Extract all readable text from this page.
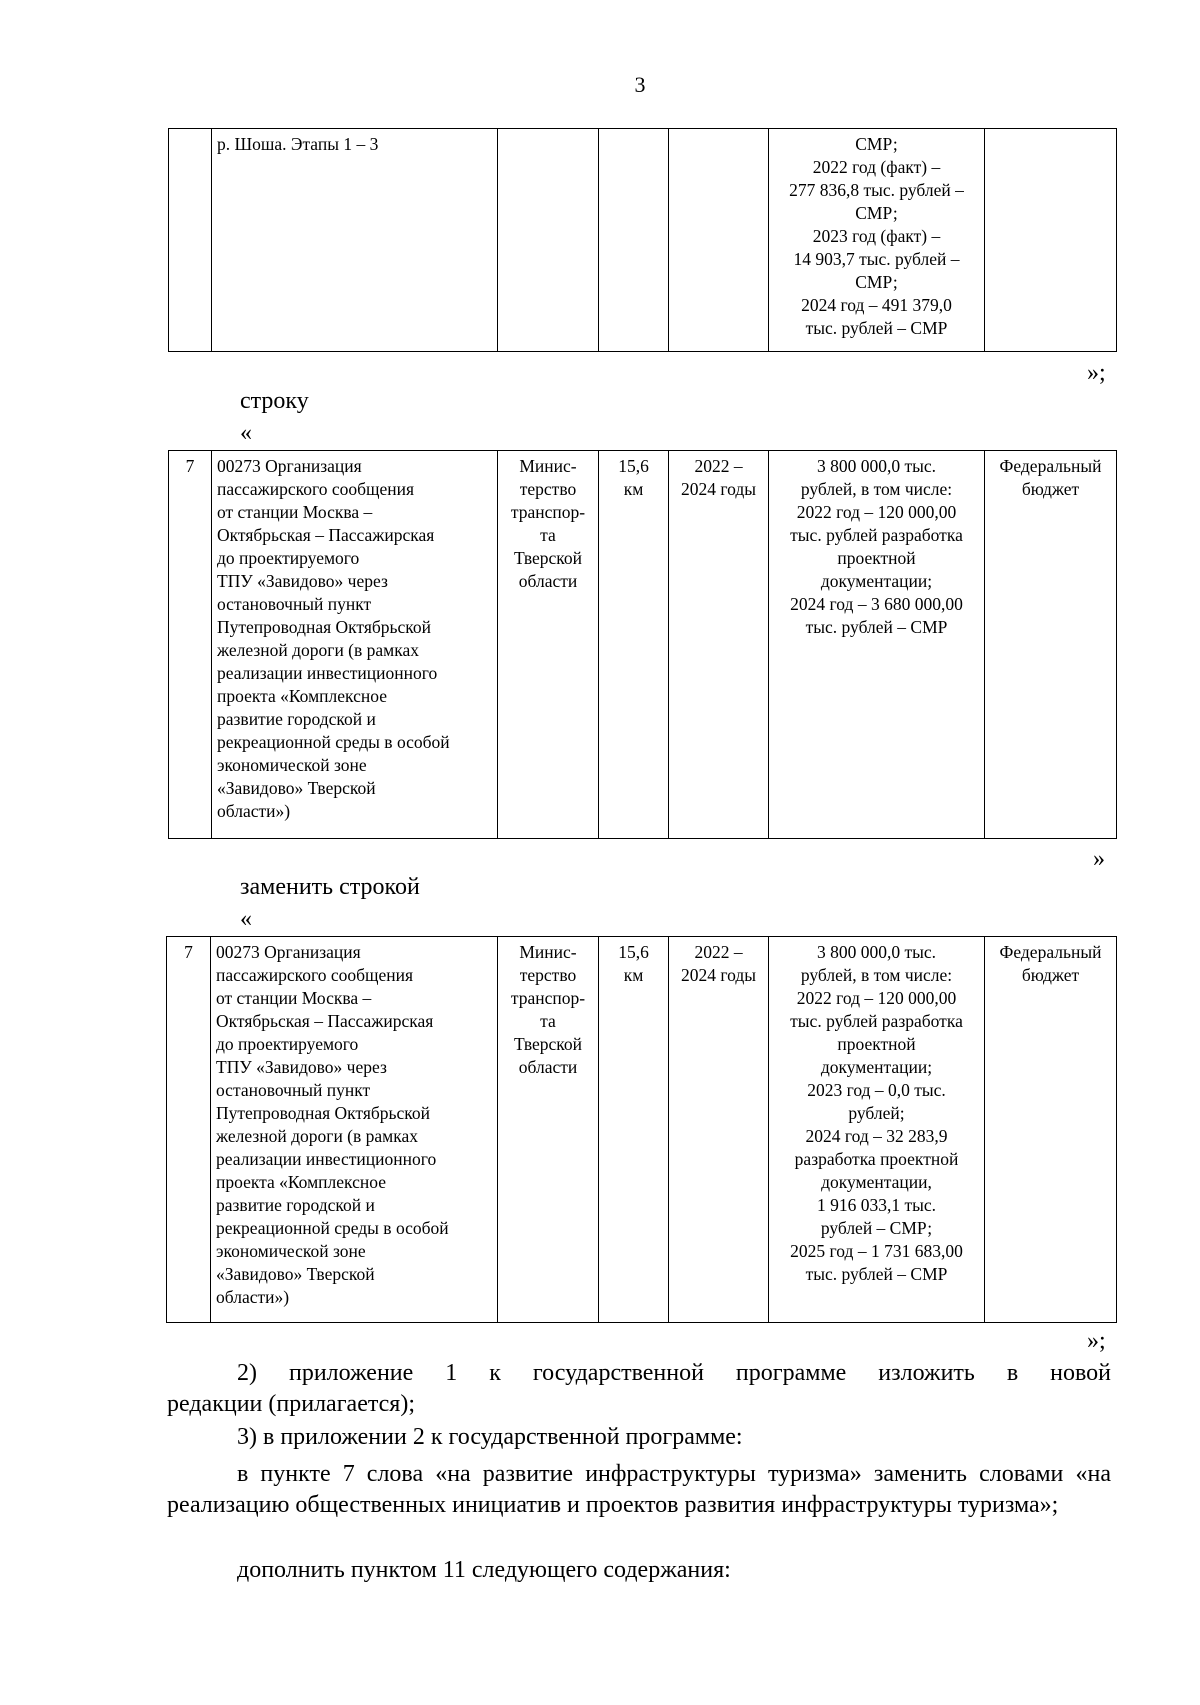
3
	р. Шоша. Этапы 1 – 3				СМР;
2022 год (факт) –
277 836,8 тыс. рублей –
СМР;
2023 год (факт) –
14 903,7 тыс. рублей –
СМР;
2024 год – 491 379,0
тыс. рублей – СМР	
»;
строку
«
7	00273 Организация
пассажирского сообщения
от станции Москва –
Октябрьская – Пассажирская
до проектируемого
ТПУ «Завидово» через
остановочный пункт
Путепроводная Октябрьской
железной дороги (в рамках
реализации инвестиционного
проекта «Комплексное
развитие городской и
рекреационной среды в особой
экономической зоне
«Завидово» Тверской
области»)	Минис-
терство
транспор-
та
Тверской
области	15,6
км	2022 –
2024 годы	3 800 000,0 тыс.
рублей, в том числе:
2022 год – 120 000,00
тыс. рублей разработка
проектной
документации;
2024 год – 3 680 000,00
тыс. рублей – СМР	Федеральный
бюджет
»
заменить строкой
«
7	00273 Организация
пассажирского сообщения
от станции Москва –
Октябрьская – Пассажирская
до проектируемого
ТПУ «Завидово» через
остановочный пункт
Путепроводная Октябрьской
железной дороги (в рамках
реализации инвестиционного
проекта «Комплексное
развитие городской и
рекреационной среды в особой
экономической зоне
«Завидово» Тверской
области»)	Минис-
терство
транспор-
та
Тверской
области	15,6
км	2022 –
2024 годы	3 800 000,0 тыс.
рублей, в том числе:
2022 год – 120 000,00
тыс. рублей разработка
проектной
документации;
2023 год – 0,0 тыс.
рублей;
2024 год – 32 283,9
разработка проектной
документации,
1 916 033,1 тыс.
рублей – СМР;
2025 год – 1 731 683,00
тыс. рублей – СМР	Федеральный
бюджет
»;
2) приложение 1 к государственной программе изложить в новой
редакции (прилагается);
3) в приложении 2 к государственной программе:
в пункте 7 слова «на развитие инфраструктуры туризма» заменить словами «на реализацию общественных инициатив и проектов развития инфраструктуры туризма»;
дополнить пунктом 11 следующего содержания:
